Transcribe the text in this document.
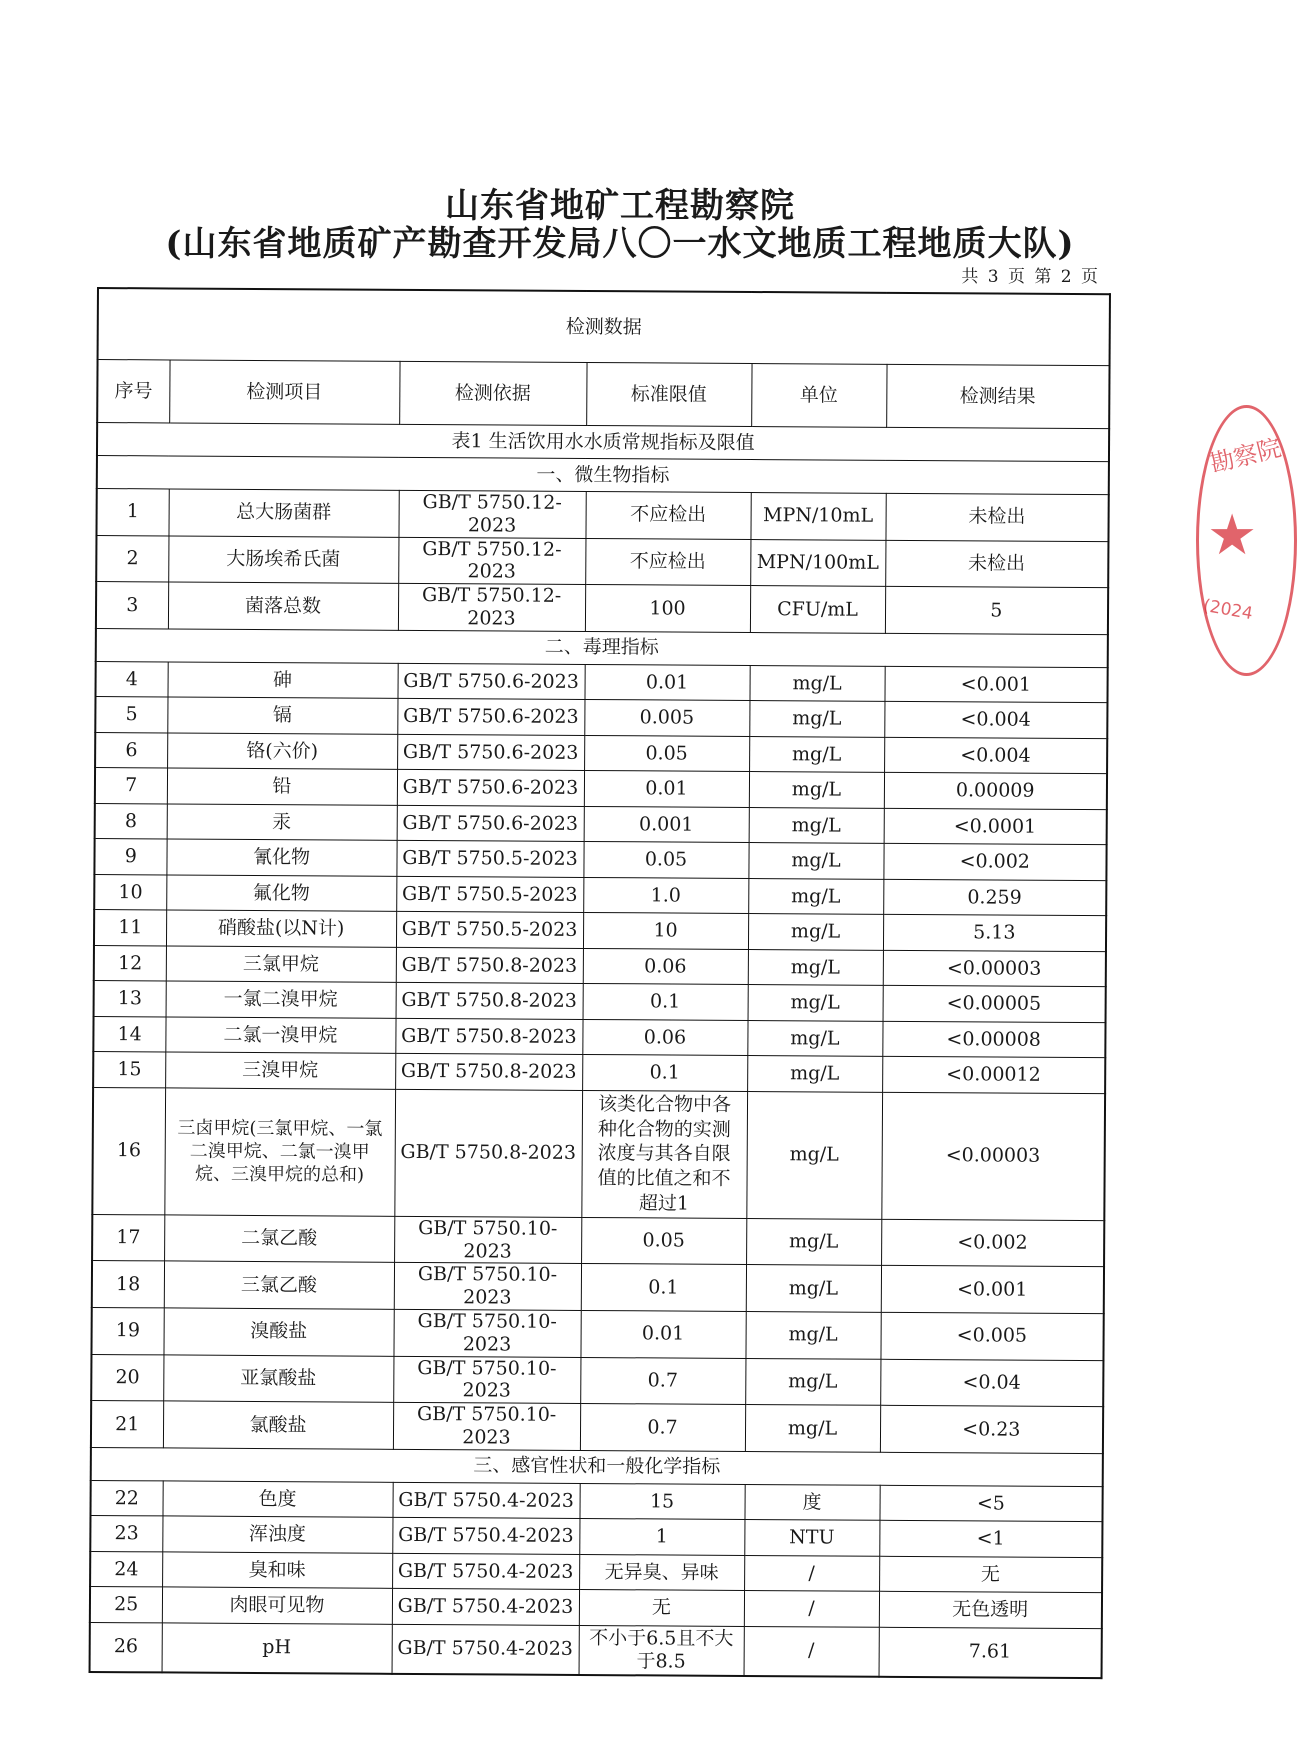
山东省地矿工程勘察院
(山东省地质矿产勘查开发局八〇一水文地质工程地质大队)
共 3 页 第 2 页
检测数据					
序号	检测项目	检测依据	标准限值	单位	检测结果
表1 生活饮用水水质常规指标及限值					
一、微生物指标					
1	总大肠菌群	GB/T 5750.12-2023	不应检出	MPN/10mL	未检出
2	大肠埃希氏菌	GB/T 5750.12-2023	不应检出	MPN/100mL	未检出
3	菌落总数	GB/T 5750.12-2023	100	CFU/mL	5
二、毒理指标					
4	砷	GB/T 5750.6-2023	0.01	mg/L	<0.001
5	镉	GB/T 5750.6-2023	0.005	mg/L	<0.004
6	铬(六价)	GB/T 5750.6-2023	0.05	mg/L	<0.004
7	铅	GB/T 5750.6-2023	0.01	mg/L	0.00009
8	汞	GB/T 5750.6-2023	0.001	mg/L	<0.0001
9	氰化物	GB/T 5750.5-2023	0.05	mg/L	<0.002
10	氟化物	GB/T 5750.5-2023	1.0	mg/L	0.259
11	硝酸盐(以N计)	GB/T 5750.5-2023	10	mg/L	5.13
12	三氯甲烷	GB/T 5750.8-2023	0.06	mg/L	<0.00003
13	一氯二溴甲烷	GB/T 5750.8-2023	0.1	mg/L	<0.00005
14	二氯一溴甲烷	GB/T 5750.8-2023	0.06	mg/L	<0.00008
15	三溴甲烷	GB/T 5750.8-2023	0.1	mg/L	<0.00012
16	三卤甲烷(三氯甲烷、一氯二溴甲烷、二氯一溴甲烷、三溴甲烷的总和)	GB/T 5750.8-2023	该类化合物中各种化合物的实测浓度与其各自限值的比值之和不超过1	mg/L	<0.00003
17	二氯乙酸	GB/T 5750.10-2023	0.05	mg/L	<0.002
18	三氯乙酸	GB/T 5750.10-2023	0.1	mg/L	<0.001
19	溴酸盐	GB/T 5750.10-2023	0.01	mg/L	<0.005
20	亚氯酸盐	GB/T 5750.10-2023	0.7	mg/L	<0.04
21	氯酸盐	GB/T 5750.10-2023	0.7	mg/L	<0.23
三、感官性状和一般化学指标					
22	色度	GB/T 5750.4-2023	15	度	<5
23	浑浊度	GB/T 5750.4-2023	1	NTU	<1
24	臭和味	GB/T 5750.4-2023	无异臭、异味	/	无
25	肉眼可见物	GB/T 5750.4-2023	无	/	无色透明
26	pH	GB/T 5750.4-2023	不小于6.5且不大于8.5	/	7.61
勘察院
★
(2024
